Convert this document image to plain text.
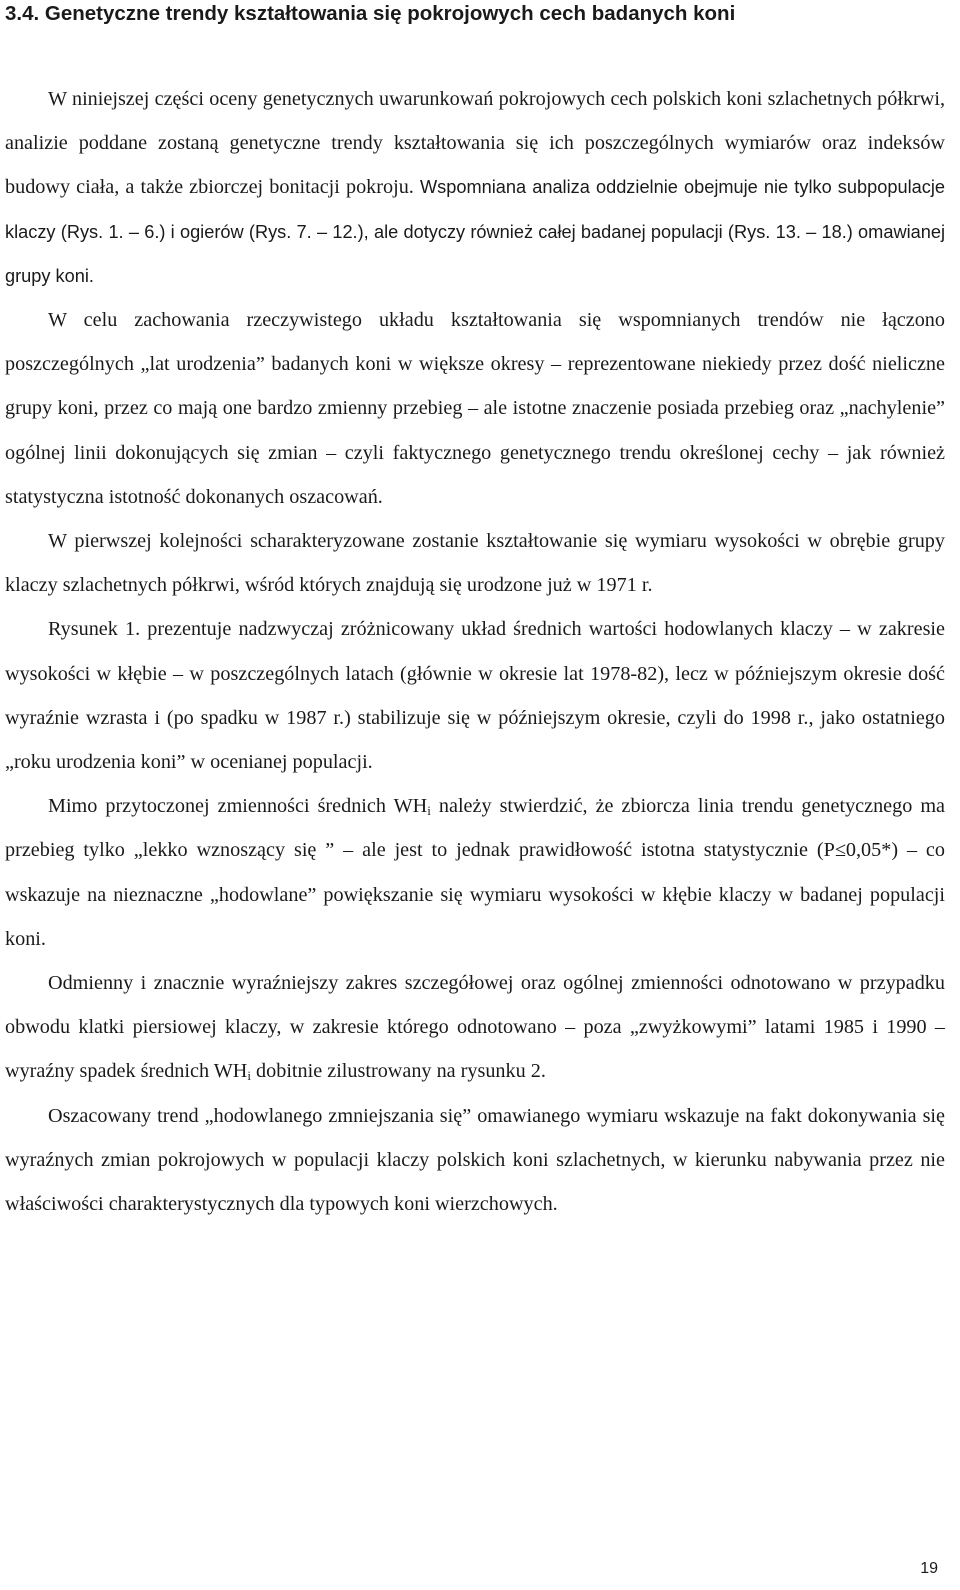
3.4. Genetyczne trendy kształtowania się pokrojowych cech badanych koni

W niniejszej części oceny genetycznych uwarunkowań pokrojowych cech polskich koni szlachetnych półkrwi, analizie poddane zostaną genetyczne trendy kształtowania się ich poszczególnych wymiarów oraz indeksów budowy ciała, a także zbiorczej bonitacji pokroju. Wspomniana analiza oddzielnie obejmuje nie tylko subpopulacje klaczy (Rys. 1. – 6.) i ogierów (Rys. 7. – 12.), ale dotyczy również całej badanej populacji (Rys. 13. – 18.) omawianej grupy koni.

W celu zachowania rzeczywistego układu kształtowania się wspomnianych trendów nie łączono poszczególnych „lat urodzenia” badanych koni w większe okresy – reprezentowane niekiedy przez dość nieliczne grupy koni, przez co mają one bardzo zmienny przebieg – ale istotne znaczenie posiada przebieg oraz „nachylenie” ogólnej linii dokonujących się zmian – czyli faktycznego genetycznego trendu określonej cechy – jak również statystyczna istotność dokonanych oszacowań.

W pierwszej kolejności scharakteryzowane zostanie kształtowanie się wymiaru wysokości w obrębie grupy klaczy szlachetnych półkrwi, wśród których znajdują się urodzone już w 1971 r.

Rysunek 1. prezentuje nadzwyczaj zróżnicowany układ średnich wartości hodowlanych klaczy – w zakresie wysokości w kłębie – w poszczególnych latach (głównie w okresie lat 1978-82), lecz w późniejszym okresie dość wyraźnie wzrasta i (po spadku w 1987 r.) stabilizuje się w późniejszym okresie, czyli do 1998 r., jako ostatniego „roku urodzenia koni” w ocenianej populacji.

Mimo przytoczonej zmienności średnich $WH_i$ należy stwierdzić, że zbiorcza linia trendu genetycznego ma przebieg tylko „lekko wznoszący się ” – ale jest to jednak prawidłowość istotna statystycznie (P≤0,05*) – co wskazuje na nieznaczne „hodowlane” powiększanie się wymiaru wysokości w kłębie klaczy w badanej populacji koni.

Odmienny i znacznie wyraźniejszy zakres szczegółowej oraz ogólnej zmienności odnotowano w przypadku obwodu klatki piersiowej klaczy, w zakresie którego odnotowano – poza „zwyżkowymi” latami 1985 i 1990 – wyraźny spadek średnich $WH_i$ dobitnie zilustrowany na rysunku 2.

Oszacowany trend „hodowlanego zmniejszania się” omawianego wymiaru wskazuje na fakt dokonywania się wyraźnych zmian pokrojowych w populacji klaczy polskich koni szlachetnych, w kierunku nabywania przez nie właściwości charakterystycznych dla typowych koni wierzchowych.

19
